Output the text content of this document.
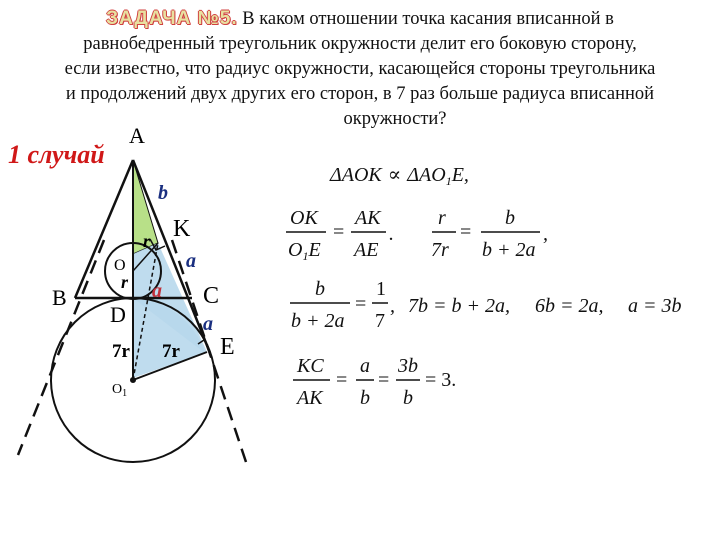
ЗАДАЧА №5. В каком отношении точка касания вписанной в
равнобедренный треугольник окружности делит его боковую сторону,
если известно, что радиус окружности, касающейся стороны треугольника
и продолжений двух других его сторон, в 7 раз больше радиуса вписанной
окружности?
1 случай
A
B	C
D
K
E
O
$O_1$
b
a
a
a
r
r
7r 7r
$\Delta AOK \propto \Delta AO_1E$,
OK
$O_1E$
=
AK
AE
.
r
7r
=
b
b + 2a
,
b
b + 2a
=
1
7
, 7b = b + 2a, 6b = 2a, a = 3b
KC
AK
=
a
b
=
3b
b
= 3.
